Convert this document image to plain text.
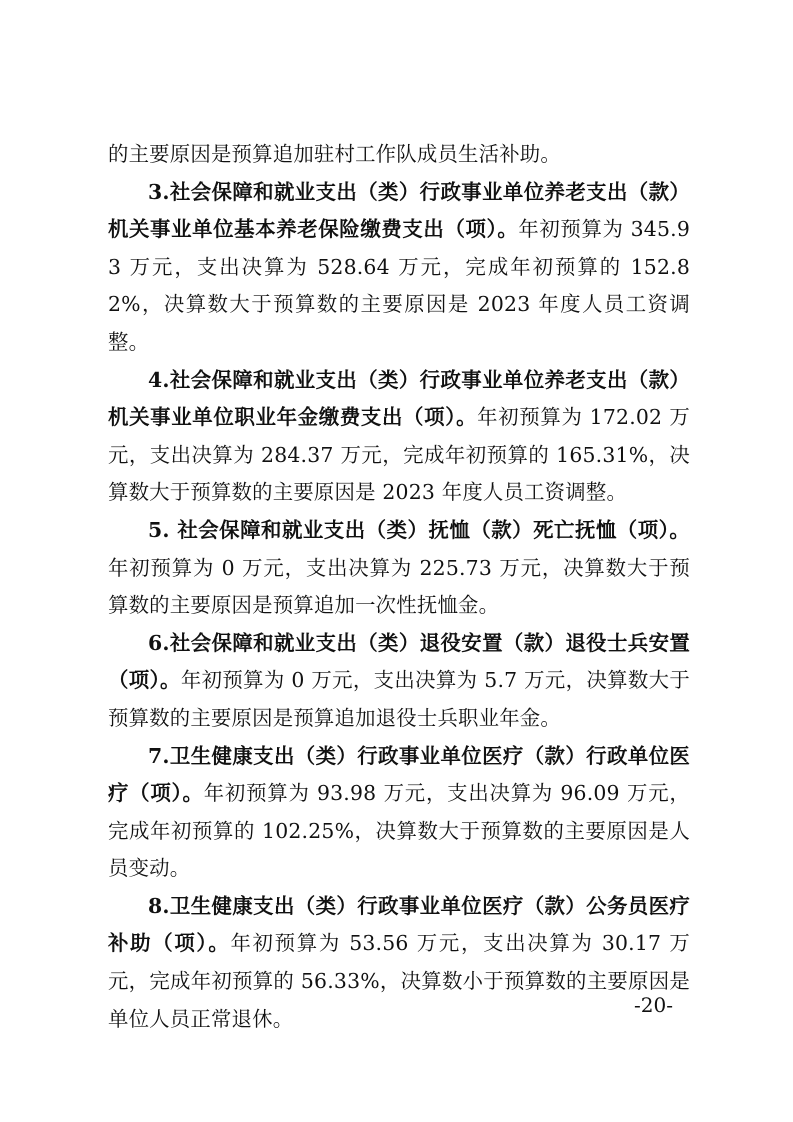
的主要原因是预算追加驻村工作队成员生活补助。

3.社会保障和就业支出（类）行政事业单位养老支出（款）机关事业单位基本养老保险缴费支出（项）。年初预算为 345.93 万元，支出决算为 528.64 万元，完成年初预算的 152.82%，决算数大于预算数的主要原因是 2023 年度人员工资调整。

4.社会保障和就业支出（类）行政事业单位养老支出（款）机关事业单位职业年金缴费支出（项）。年初预算为 172.02 万元，支出决算为 284.37 万元，完成年初预算的 165.31%，决算数大于预算数的主要原因是 2023 年度人员工资调整。

5. 社会保障和就业支出（类）抚恤（款）死亡抚恤（项）。年初预算为 0 万元，支出决算为 225.73 万元，决算数大于预算数的主要原因是预算追加一次性抚恤金。

6.社会保障和就业支出（类）退役安置（款）退役士兵安置（项）。年初预算为 0 万元，支出决算为 5.7 万元，决算数大于预算数的主要原因是预算追加退役士兵职业年金。

7.卫生健康支出（类）行政事业单位医疗（款）行政单位医疗（项）。年初预算为 93.98 万元，支出决算为 96.09 万元，完成年初预算的 102.25%，决算数大于预算数的主要原因是人员变动。

8.卫生健康支出（类）行政事业单位医疗（款）公务员医疗补助（项）。年初预算为 53.56 万元，支出决算为 30.17 万元，完成年初预算的 56.33%，决算数小于预算数的主要原因是单位人员正常退休。

-20-
